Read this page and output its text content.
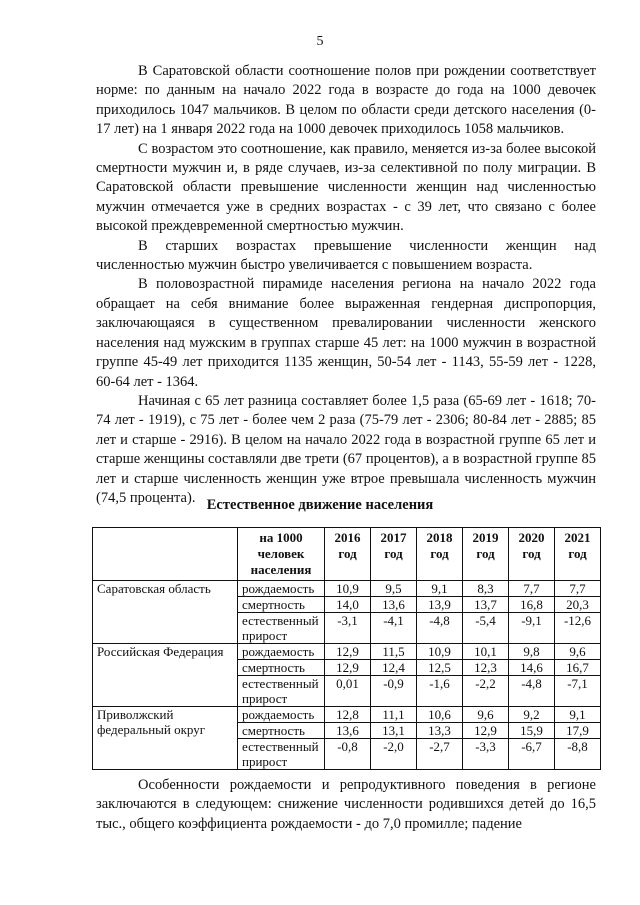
5

В Саратовской области соотношение полов при рождении соответствует норме: по данным на начало 2022 года в возрасте до года на 1000 девочек приходилось 1047 мальчиков. В целом по области среди детского населения (0-17 лет) на 1 января 2022 года на 1000 девочек приходилось 1058 мальчиков.

С возрастом это соотношение, как правило, меняется из-за более высокой смертности мужчин и, в ряде случаев, из-за селективной по полу миграции. В Саратовской области превышение численности женщин над численностью мужчин отмечается уже в средних возрастах - с 39 лет, что связано с более высокой преждевременной смертностью мужчин.

В старших возрастах превышение численности женщин над численностью мужчин быстро увеличивается с повышением возраста.

В половозрастной пирамиде населения региона на начало 2022 года обращает на себя внимание более выраженная гендерная диспропорция, заключающаяся в существенном превалировании численности женского населения над мужским в группах старше 45 лет: на 1000 мужчин в возрастной группе 45-49 лет приходится 1135 женщин, 50-54 лет - 1143, 55-59 лет - 1228, 60-64 лет - 1364.

Начиная с 65 лет разница составляет более 1,5 раза (65-69 лет - 1618; 70-74 лет - 1919), с 75 лет - более чем 2 раза (75-79 лет - 2306; 80-84 лет - 2885; 85 лет и старше - 2916). В целом на начало 2022 года в возрастной группе 65 лет и старше женщины составляли две трети (67 процентов), а в возрастной группе 85 лет и старше численность женщин уже втрое превышала численность мужчин (74,5 процента). Естественное движение населения
	на 1000 человек населения	2016 год	2017 год	2018 год	2019 год	2020 год	2021 год
Саратовская область	рождаемость	10,9	9,5	9,1	8,3	7,7	7,7
	смертность	14,0	13,6	13,9	13,7	16,8	20,3
	естественный прирост	-3,1	-4,1	-4,8	-5,4	-9,1	-12,6
Российская Федерация	рождаемость	12,9	11,5	10,9	10,1	9,8	9,6
	смертность	12,9	12,4	12,5	12,3	14,6	16,7
	естественный прирост	0,01	-0,9	-1,6	-2,2	-4,8	-7,1
Приволжский федеральный округ	рождаемость	12,8	11,1	10,6	9,6	9,2	9,1
	смертность	13,6	13,1	13,3	12,9	15,9	17,9
	естественный прирост	-0,8	-2,0	-2,7	-3,3	-6,7	-8,8

Особенности рождаемости и репродуктивного поведения в регионе заключаются в следующем: снижение численности родившихся детей до 16,5 тыс., общего коэффициента рождаемости - до 7,0 промилле; падение
